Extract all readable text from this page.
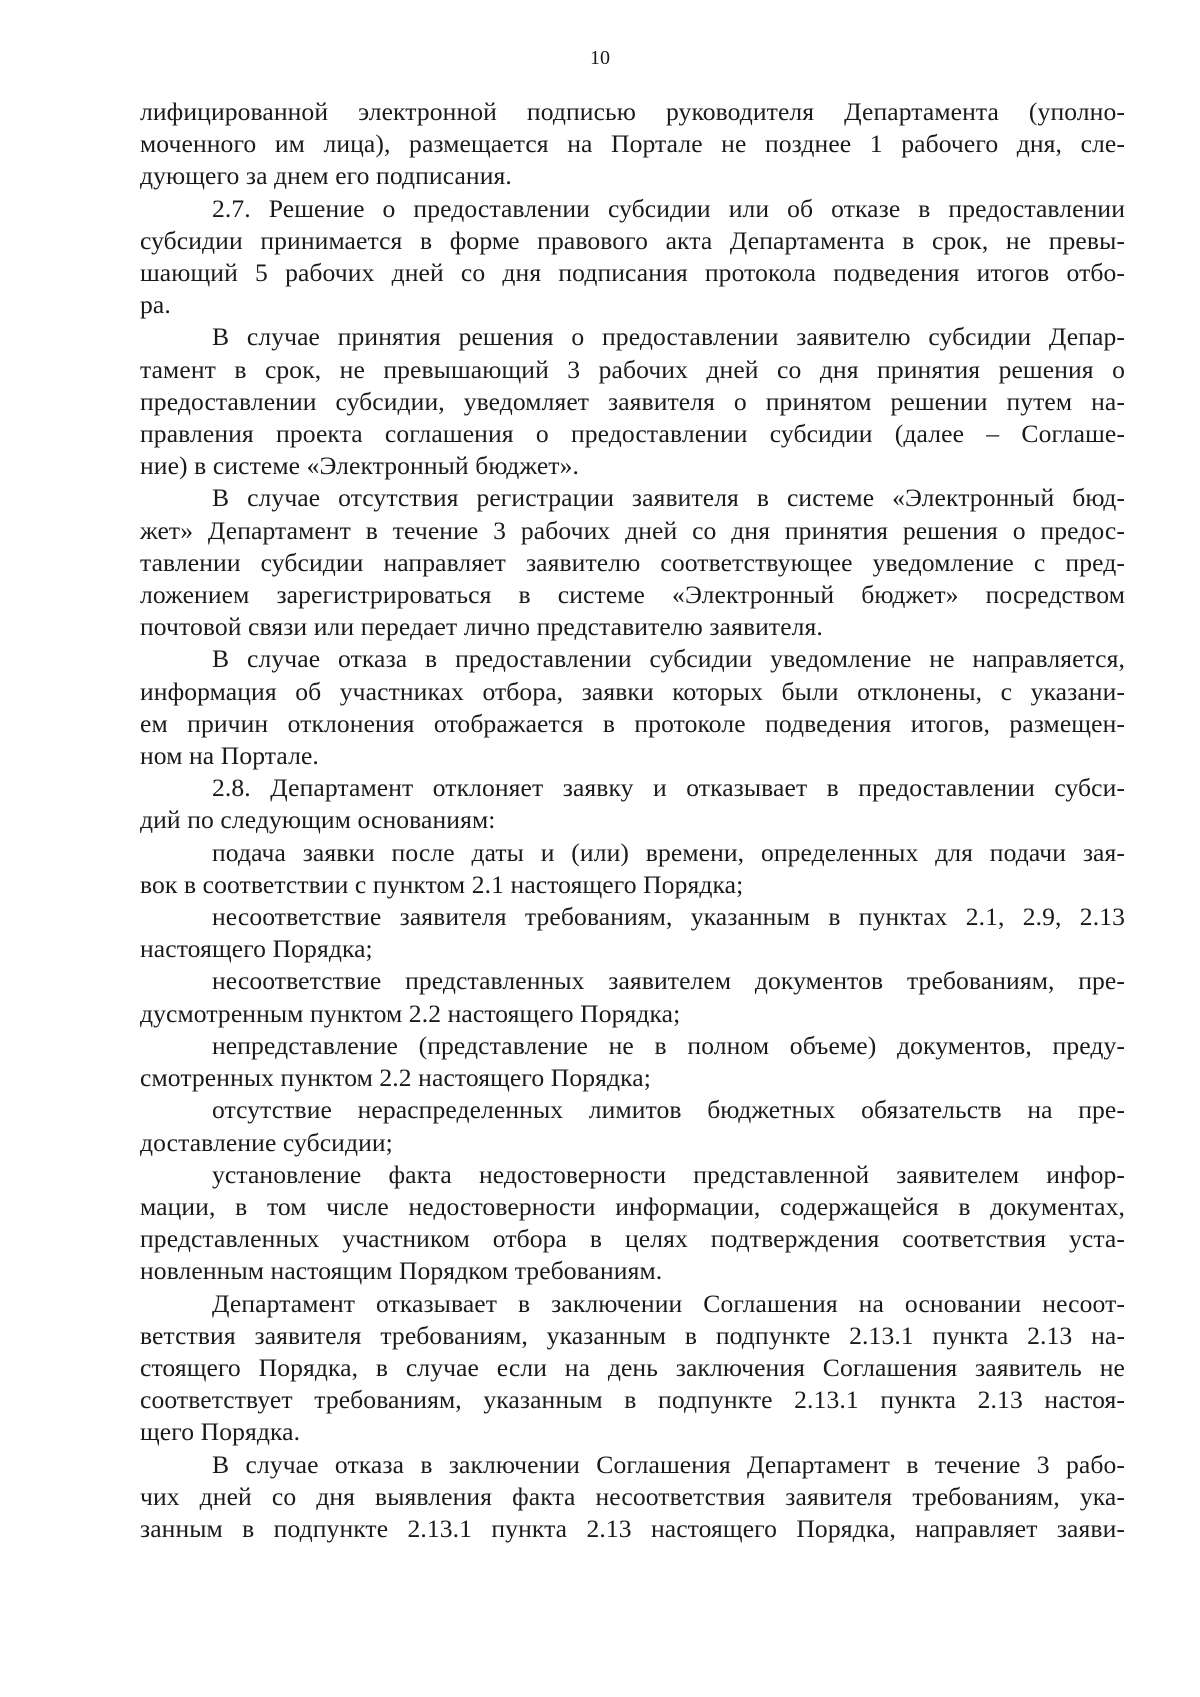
10

лифицированной электронной подписью руководителя Департамента (уполно-
моченного им лица), размещается на Портале не позднее 1 рабочего дня, сле-
дующего за днем его подписания.

2.7. Решение о предоставлении субсидии или об отказе в предоставлении
субсидии принимается в форме правового акта Департамента в срок, не превы-
шающий 5 рабочих дней со дня подписания протокола подведения итогов отбо-
ра.

В случае принятия решения о предоставлении заявителю субсидии Депар-
тамент в срок, не превышающий 3 рабочих дней со дня принятия решения о
предоставлении субсидии, уведомляет заявителя о принятом решении путем на-
правления проекта соглашения о предоставлении субсидии (далее – Соглаше-
ние) в системе «Электронный бюджет».

В случае отсутствия регистрации заявителя в системе «Электронный бюд-
жет» Департамент в течение 3 рабочих дней со дня принятия решения о предос-
тавлении субсидии направляет заявителю соответствующее уведомление с пред-
ложением зарегистрироваться в системе «Электронный бюджет» посредством
почтовой связи или передает лично представителю заявителя.

В случае отказа в предоставлении субсидии уведомление не направляется,
информация об участниках отбора, заявки которых были отклонены, с указани-
ем причин отклонения отображается в протоколе подведения итогов, размещен-
ном на Портале.

2.8. Департамент отклоняет заявку и отказывает в предоставлении субси-
дий по следующим основаниям:

подача заявки после даты и (или) времени, определенных для подачи зая-
вок в соответствии с пунктом 2.1 настоящего Порядка;

несоответствие заявителя требованиям, указанным в пунктах 2.1, 2.9, 2.13
настоящего Порядка;

несоответствие представленных заявителем документов требованиям, пре-
дусмотренным пунктом 2.2 настоящего Порядка;

непредставление (представление не в полном объеме) документов, преду-
смотренных пунктом 2.2 настоящего Порядка;

отсутствие нераспределенных лимитов бюджетных обязательств на пре-
доставление субсидии;

установление факта недостоверности представленной заявителем инфор-
мации, в том числе недостоверности информации, содержащейся в документах,
представленных участником отбора в целях подтверждения соответствия уста-
новленным настоящим Порядком требованиям.

Департамент отказывает в заключении Соглашения на основании несоот-
ветствия заявителя требованиям, указанным в подпункте 2.13.1 пункта 2.13 на-
стоящего Порядка, в случае если на день заключения Соглашения заявитель не
соответствует требованиям, указанным в подпункте 2.13.1 пункта 2.13 настоя-
щего Порядка.

В случае отказа в заключении Соглашения Департамент в течение 3 рабо-
чих дней со дня выявления факта несоответствия заявителя требованиям, ука-
занным в подпункте 2.13.1 пункта 2.13 настоящего Порядка, направляет заяви-
